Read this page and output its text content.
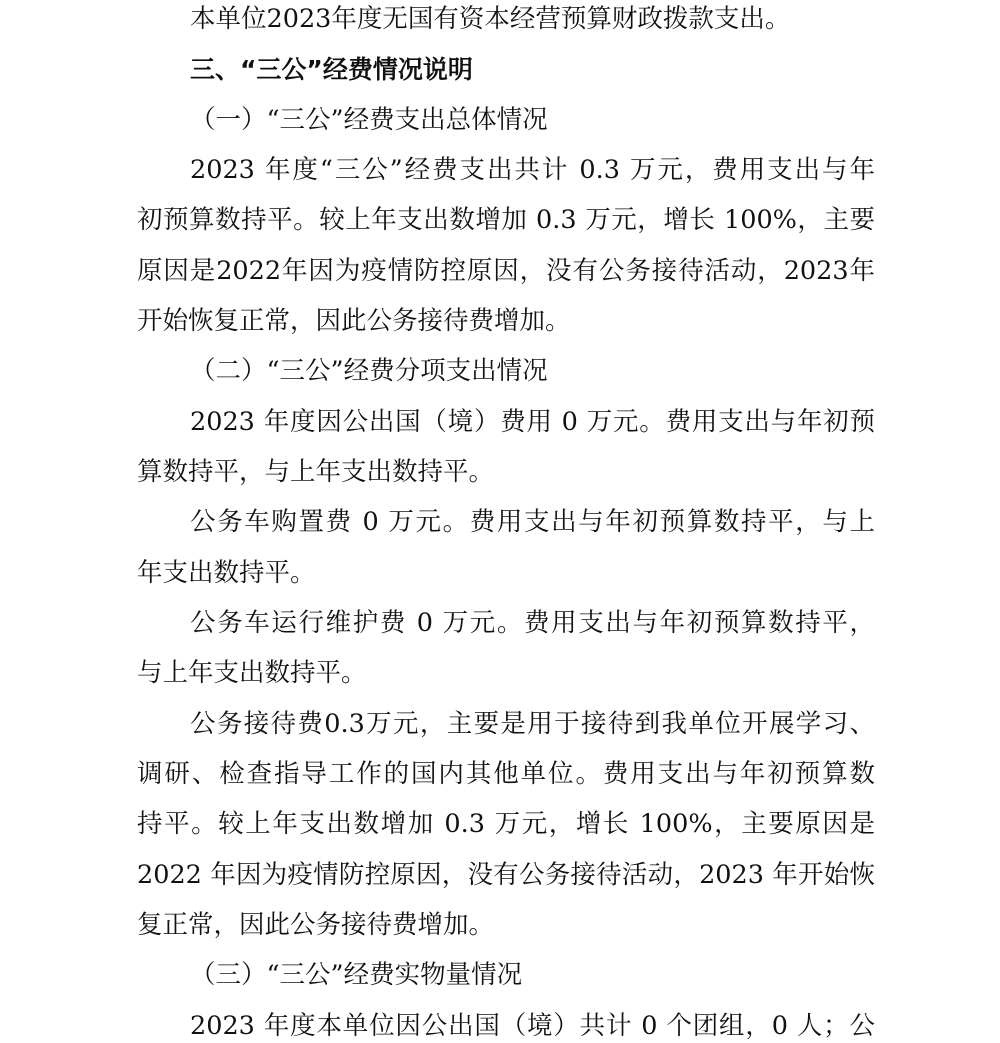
本单位2023年度无国有资本经营预算财政拨款支出。
三、“三公”经费情况说明
（一）“三公”经费支出总体情况
2023 年度“三公”经费支出共计 0.3 万元，费用支出与年
初预算数持平。较上年支出数增加 0.3 万元，增长 100%，主要
原因是2022年因为疫情防控原因，没有公务接待活动，2023年
开始恢复正常，因此公务接待费增加。
（二）“三公”经费分项支出情况
2023 年度因公出国（境）费用 0 万元。费用支出与年初预
算数持平，与上年支出数持平。
公务车购置费 0 万元。费用支出与年初预算数持平，与上
年支出数持平。
公务车运行维护费 0 万元。费用支出与年初预算数持平，
与上年支出数持平。
公务接待费0.3万元，主要是用于接待到我单位开展学习、
调研、检查指导工作的国内其他单位。费用支出与年初预算数
持平。较上年支出数增加 0.3 万元，增长 100%，主要原因是
2022 年因为疫情防控原因，没有公务接待活动，2023 年开始恢
复正常，因此公务接待费增加。
（三）“三公”经费实物量情况
2023 年度本单位因公出国（境）共计 0 个团组，0 人；公
